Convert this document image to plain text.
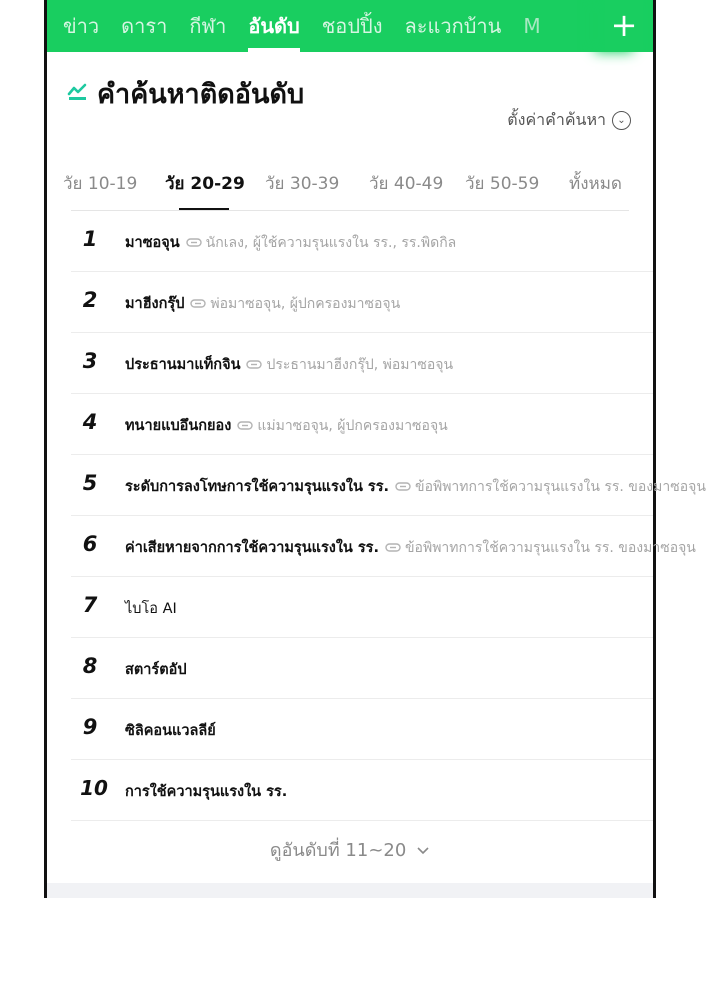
ข่าว	ดารา	กีฬา	อันดับ	ชอปปิ้ง	ละแวกบ้าน	M	+
คำค้นหาติดอันดับ
ตั้งค่าคำค้นหา	⌄
วัย 10-19 วัย 20-29 วัย 30-39 วัย 40-49 วัย 50-59 ทั้งหมด
1	มาซอจุน นักเลง, ผู้ใช้ความรุนแรงใน รร., รร.พิดกิล
2	มาฮีงกรุ๊ป พ่อมาซอจุน, ผู้ปกครองมาซอจุน
3	ประธานมาแท็กจิน ประธานมาฮีงกรุ๊ป, พ่อมาซอจุน
4	ทนายแบอึนกยอง แม่มาซอจุน, ผู้ปกครองมาซอจุน
5	ระดับการลงโทษการใช้ความรุนแรงใน รร. ข้อพิพาทการใช้ความรุนแรงใน รร. ของมาซอจุน
6	ค่าเสียหายจากการใช้ความรุนแรงใน รร. ข้อพิพาทการใช้ความรุนแรงใน รร. ของมาซอจุน
7	ไบโอ AI
8	สตาร์ตอัป
9	ซิลิคอนแวลลีย์
10 การใช้ความรุนแรงใน รร.
ดูอันดับที่ 11~20
